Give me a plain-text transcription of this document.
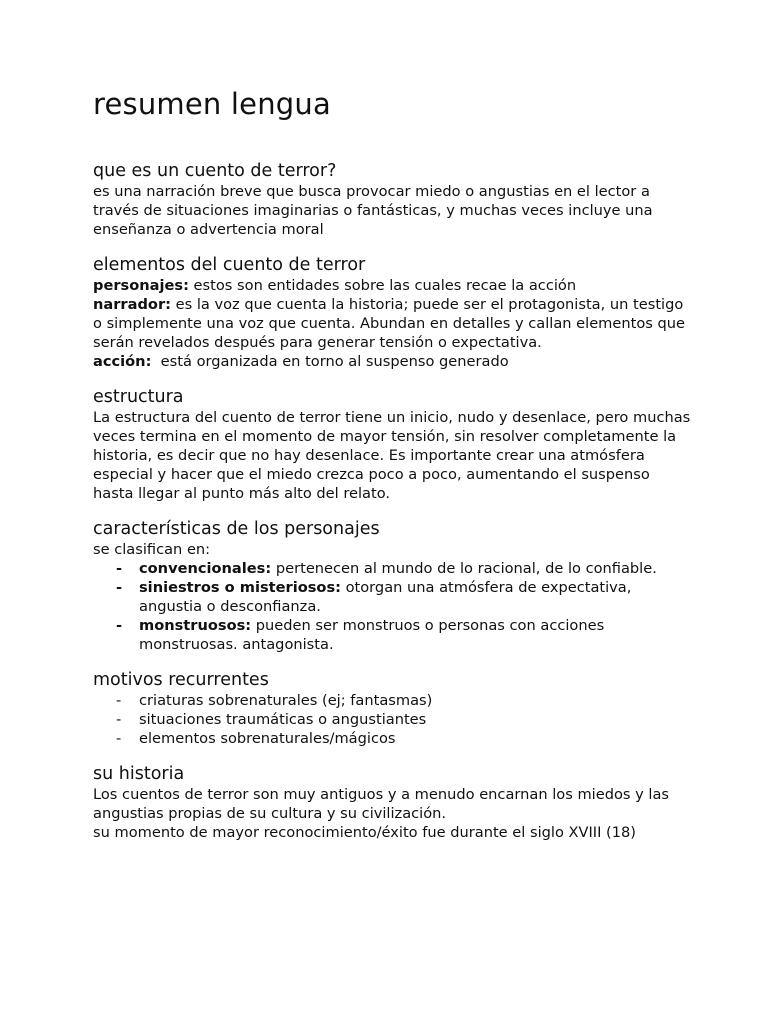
resumen lengua
que es un cuento de terror?

es una narración breve que busca provocar miedo o angustias en el lector a través de situaciones imaginarias o fantásticas, y muchas veces incluye una enseñanza o advertencia moral

elementos del cuento de terror

personajes: estos son entidades sobre las cuales recae la acción

narrador: es la voz que cuenta la historia; puede ser el protagonista, un testigo o simplemente una voz que cuenta. Abundan en detalles y callan elementos que serán revelados después para generar tensión o expectativa.

acción:  está organizada en torno al suspenso generado

estructura

La estructura del cuento de terror tiene un inicio, nudo y desenlace, pero muchas veces termina en el momento de mayor tensión, sin resolver completamente la historia, es decir que no hay desenlace. Es importante crear una atmósfera especial y hacer que el miedo crezca poco a poco, aumentando el suspenso hasta llegar al punto más alto del relato.

características de los personajes

se clasifican en:

- convencionales: pertenecen al mundo de lo racional, de lo confiable.
- siniestros o misteriosos: otorgan una atmósfera de expectativa, angustia o desconfianza.
- monstruosos: pueden ser monstruos o personas con acciones monstruosas. antagonista.
motivos recurrentes
- criaturas sobrenaturales (ej; fantasmas)
- situaciones traumáticas o angustiantes
- elementos sobrenaturales/mágicos
su historia

Los cuentos de terror son muy antiguos y a menudo encarnan los miedos y las angustias propias de su cultura y su civilización.

su momento de mayor reconocimiento/éxito fue durante el siglo XVIII (18)
